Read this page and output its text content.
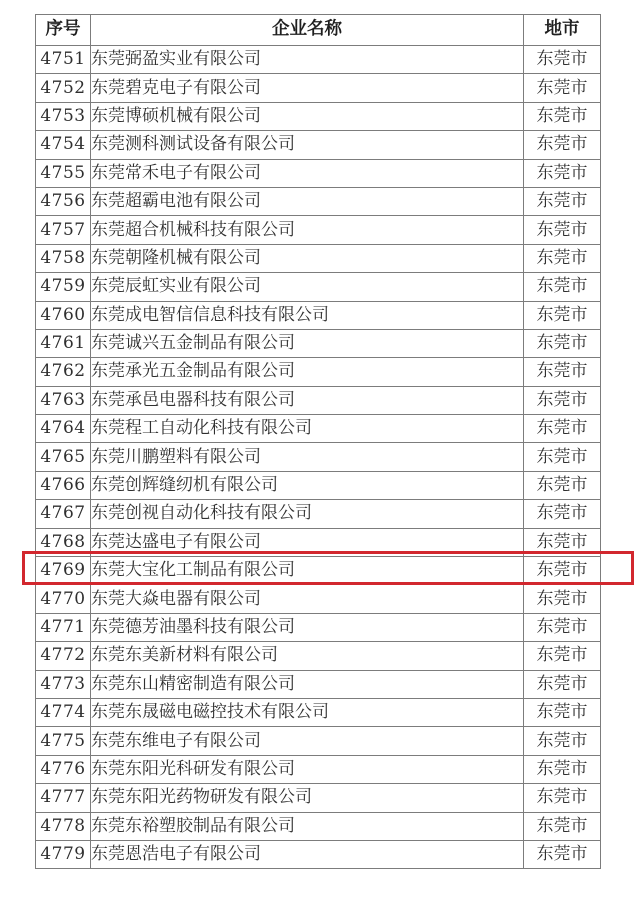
序号	企业名称	地市
4751	东莞弼盈实业有限公司	东莞市
4752	东莞碧克电子有限公司	东莞市
4753	东莞博硕机械有限公司	东莞市
4754	东莞测科测试设备有限公司	东莞市
4755	东莞常禾电子有限公司	东莞市
4756	东莞超霸电池有限公司	东莞市
4757	东莞超合机械科技有限公司	东莞市
4758	东莞朝隆机械有限公司	东莞市
4759	东莞辰虹实业有限公司	东莞市
4760	东莞成电智信信息科技有限公司	东莞市
4761	东莞诚兴五金制品有限公司	东莞市
4762	东莞承光五金制品有限公司	东莞市
4763	东莞承邑电器科技有限公司	东莞市
4764	东莞程工自动化科技有限公司	东莞市
4765	东莞川鹏塑料有限公司	东莞市
4766	东莞创辉缝纫机有限公司	东莞市
4767	东莞创视自动化科技有限公司	东莞市
4768	东莞达盛电子有限公司	东莞市
4769	东莞大宝化工制品有限公司	东莞市
4770	东莞大焱电器有限公司	东莞市
4771	东莞德芳油墨科技有限公司	东莞市
4772	东莞东美新材料有限公司	东莞市
4773	东莞东山精密制造有限公司	东莞市
4774	东莞东晟磁电磁控技术有限公司	东莞市
4775	东莞东维电子有限公司	东莞市
4776	东莞东阳光科研发有限公司	东莞市
4777	东莞东阳光药物研发有限公司	东莞市
4778	东莞东裕塑胶制品有限公司	东莞市
4779	东莞恩浩电子有限公司	东莞市
